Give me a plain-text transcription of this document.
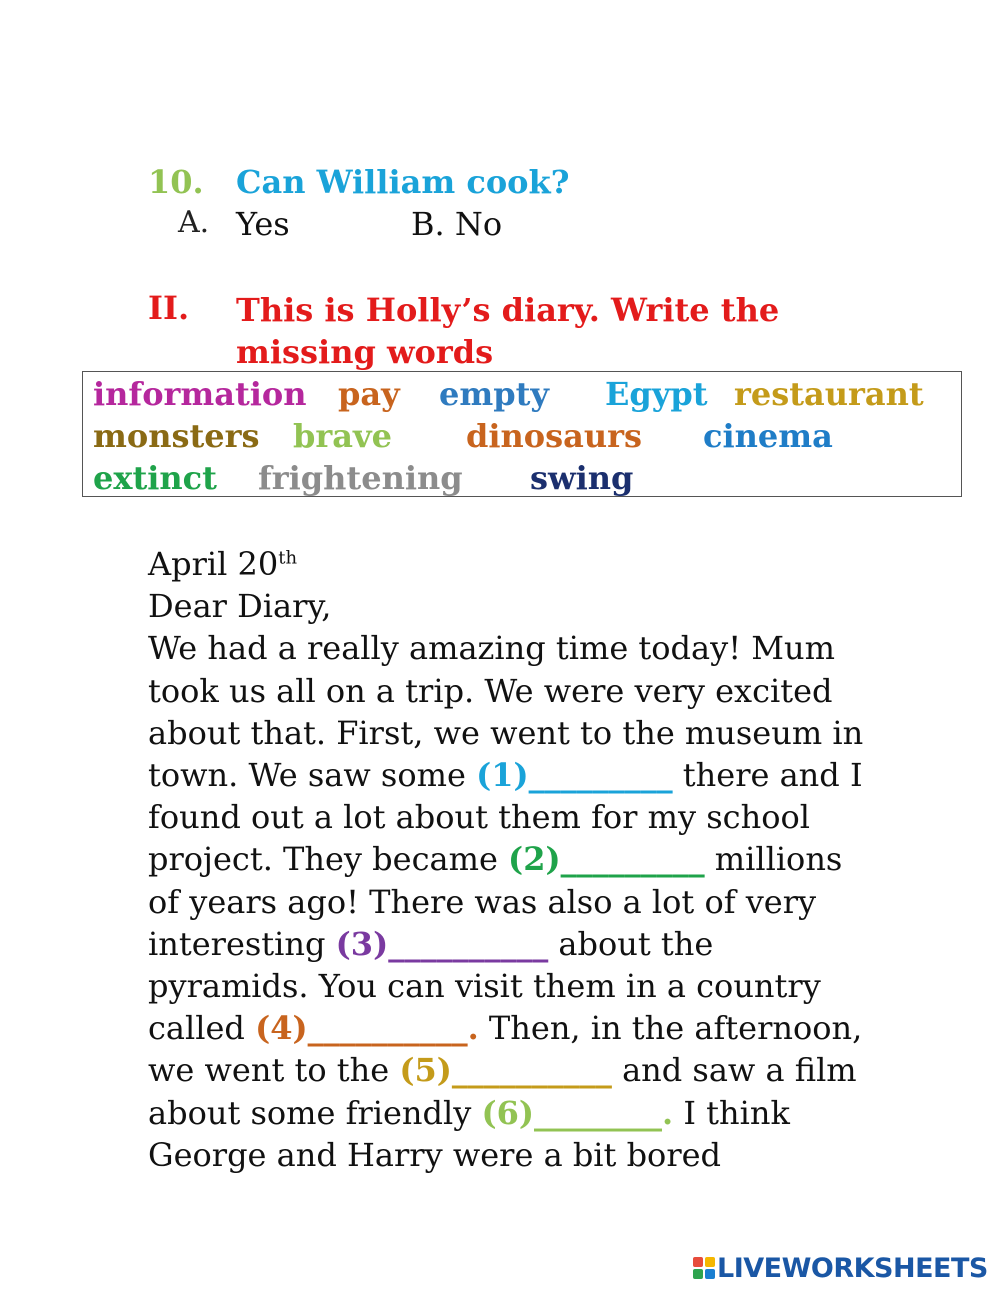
10. Can William cook?
A. Yes	B. No
II. This is Holly’s diary. Write the missing words
information pay empty Egypt restaurant
monsters brave dinosaurs cinema
extinct frightening swing
April 20th
Dear Diary,
We had a really amazing time today! Mum
took us all on a trip. We were very excited
about that. First, we went to the museum in
town. We saw some (1)_________ there and I
found out a lot about them for my school
project. They became (2)_________ millions
of years ago! There was also a lot of very
interesting (3)__________ about the
pyramids. You can visit them in a country
called (4)__________. Then, in the afternoon,
we went to the (5)__________ and saw a film
about some friendly (6)________. I think
George and Harry were a bit bored
LIVEWORKSHEETS
